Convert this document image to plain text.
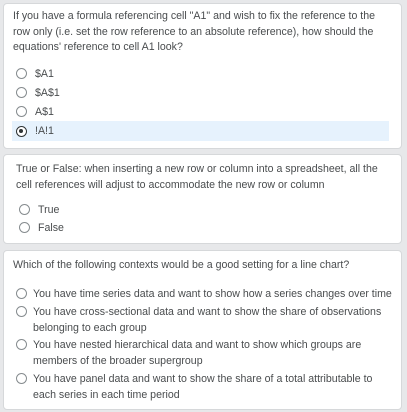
If you have a formula referencing cell "A1" and wish to fix the reference to the row only (i.e. set the row reference to an absolute reference), how should the equations' reference to cell A1 look?
$A1
$A$1
A$1
!A!1
True or False: when inserting a new row or column into a spreadsheet, all the cell references will adjust to accommodate the new row or column
True
False
Which of the following contexts would be a good setting for a line chart?
You have time series data and want to show how a series changes over time
You have cross-sectional data and want to show the share of observations belonging to each group
You have nested hierarchical data and want to show which groups are members of the broader supergroup
You have panel data and want to show the share of a total attributable to each series in each time period
